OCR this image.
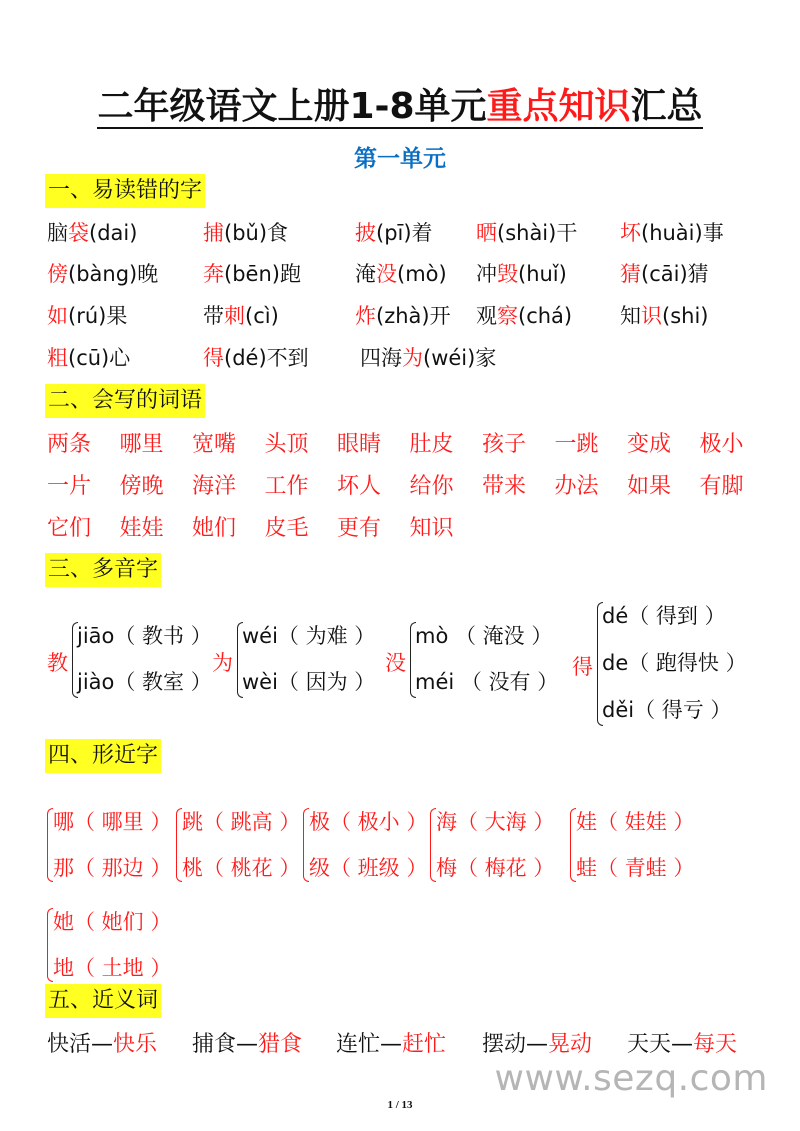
二年级语文上册1-8单元重点知识汇总
第一单元
一、易读错的字
脑袋(dai)	捕(bǔ)食	披(pī)着 晒(shài)干 坏(huài)事
傍(bàng)晚 奔(bēn)跑	淹没(mò) 冲毁(huǐ)	猜(cāi)猜
如(rú)果	带刺(cì)	炸(zhà)开 观察(chá) 知识(shi)
粗(cū)心	得(dé)不到 四海为(wéi)家
二、会写的词语
两条 哪里 宽嘴 头顶 眼睛 肚皮 孩子 一跳 变成 极小
一片 傍晚 海洋 工作 坏人 给你 带来 办法 如果 有脚
它们 娃娃 她们 皮毛 更有 知识
三、多音字
教
jiāo（ 教书 ）
jiào（ 教室 ）
为
wéi（ 为难 ）
wèi（ 因为 ）
没
mò （ 淹没 ）
méi （ 没有 ）
得
dé（ 得到 ）
de（ 跑得快 ）
děi（ 得亏 ）
四、形近字
哪（ 哪里 ）
那（ 那边 ）
跳（ 跳高 ）
桃（ 桃花 ）
极（ 极小 ）
级（ 班级 ）
海（ 大海 ）
梅（ 梅花 ）
娃（ 娃娃 ）
蛙（ 青蛙 ）
她（ 她们 ）
地（ 土地 ）
五、近义词
快活—快乐 捕食—猎食 连忙—赶忙 摆动—晃动 天天—每天
www.sezq.com
1 / 13
